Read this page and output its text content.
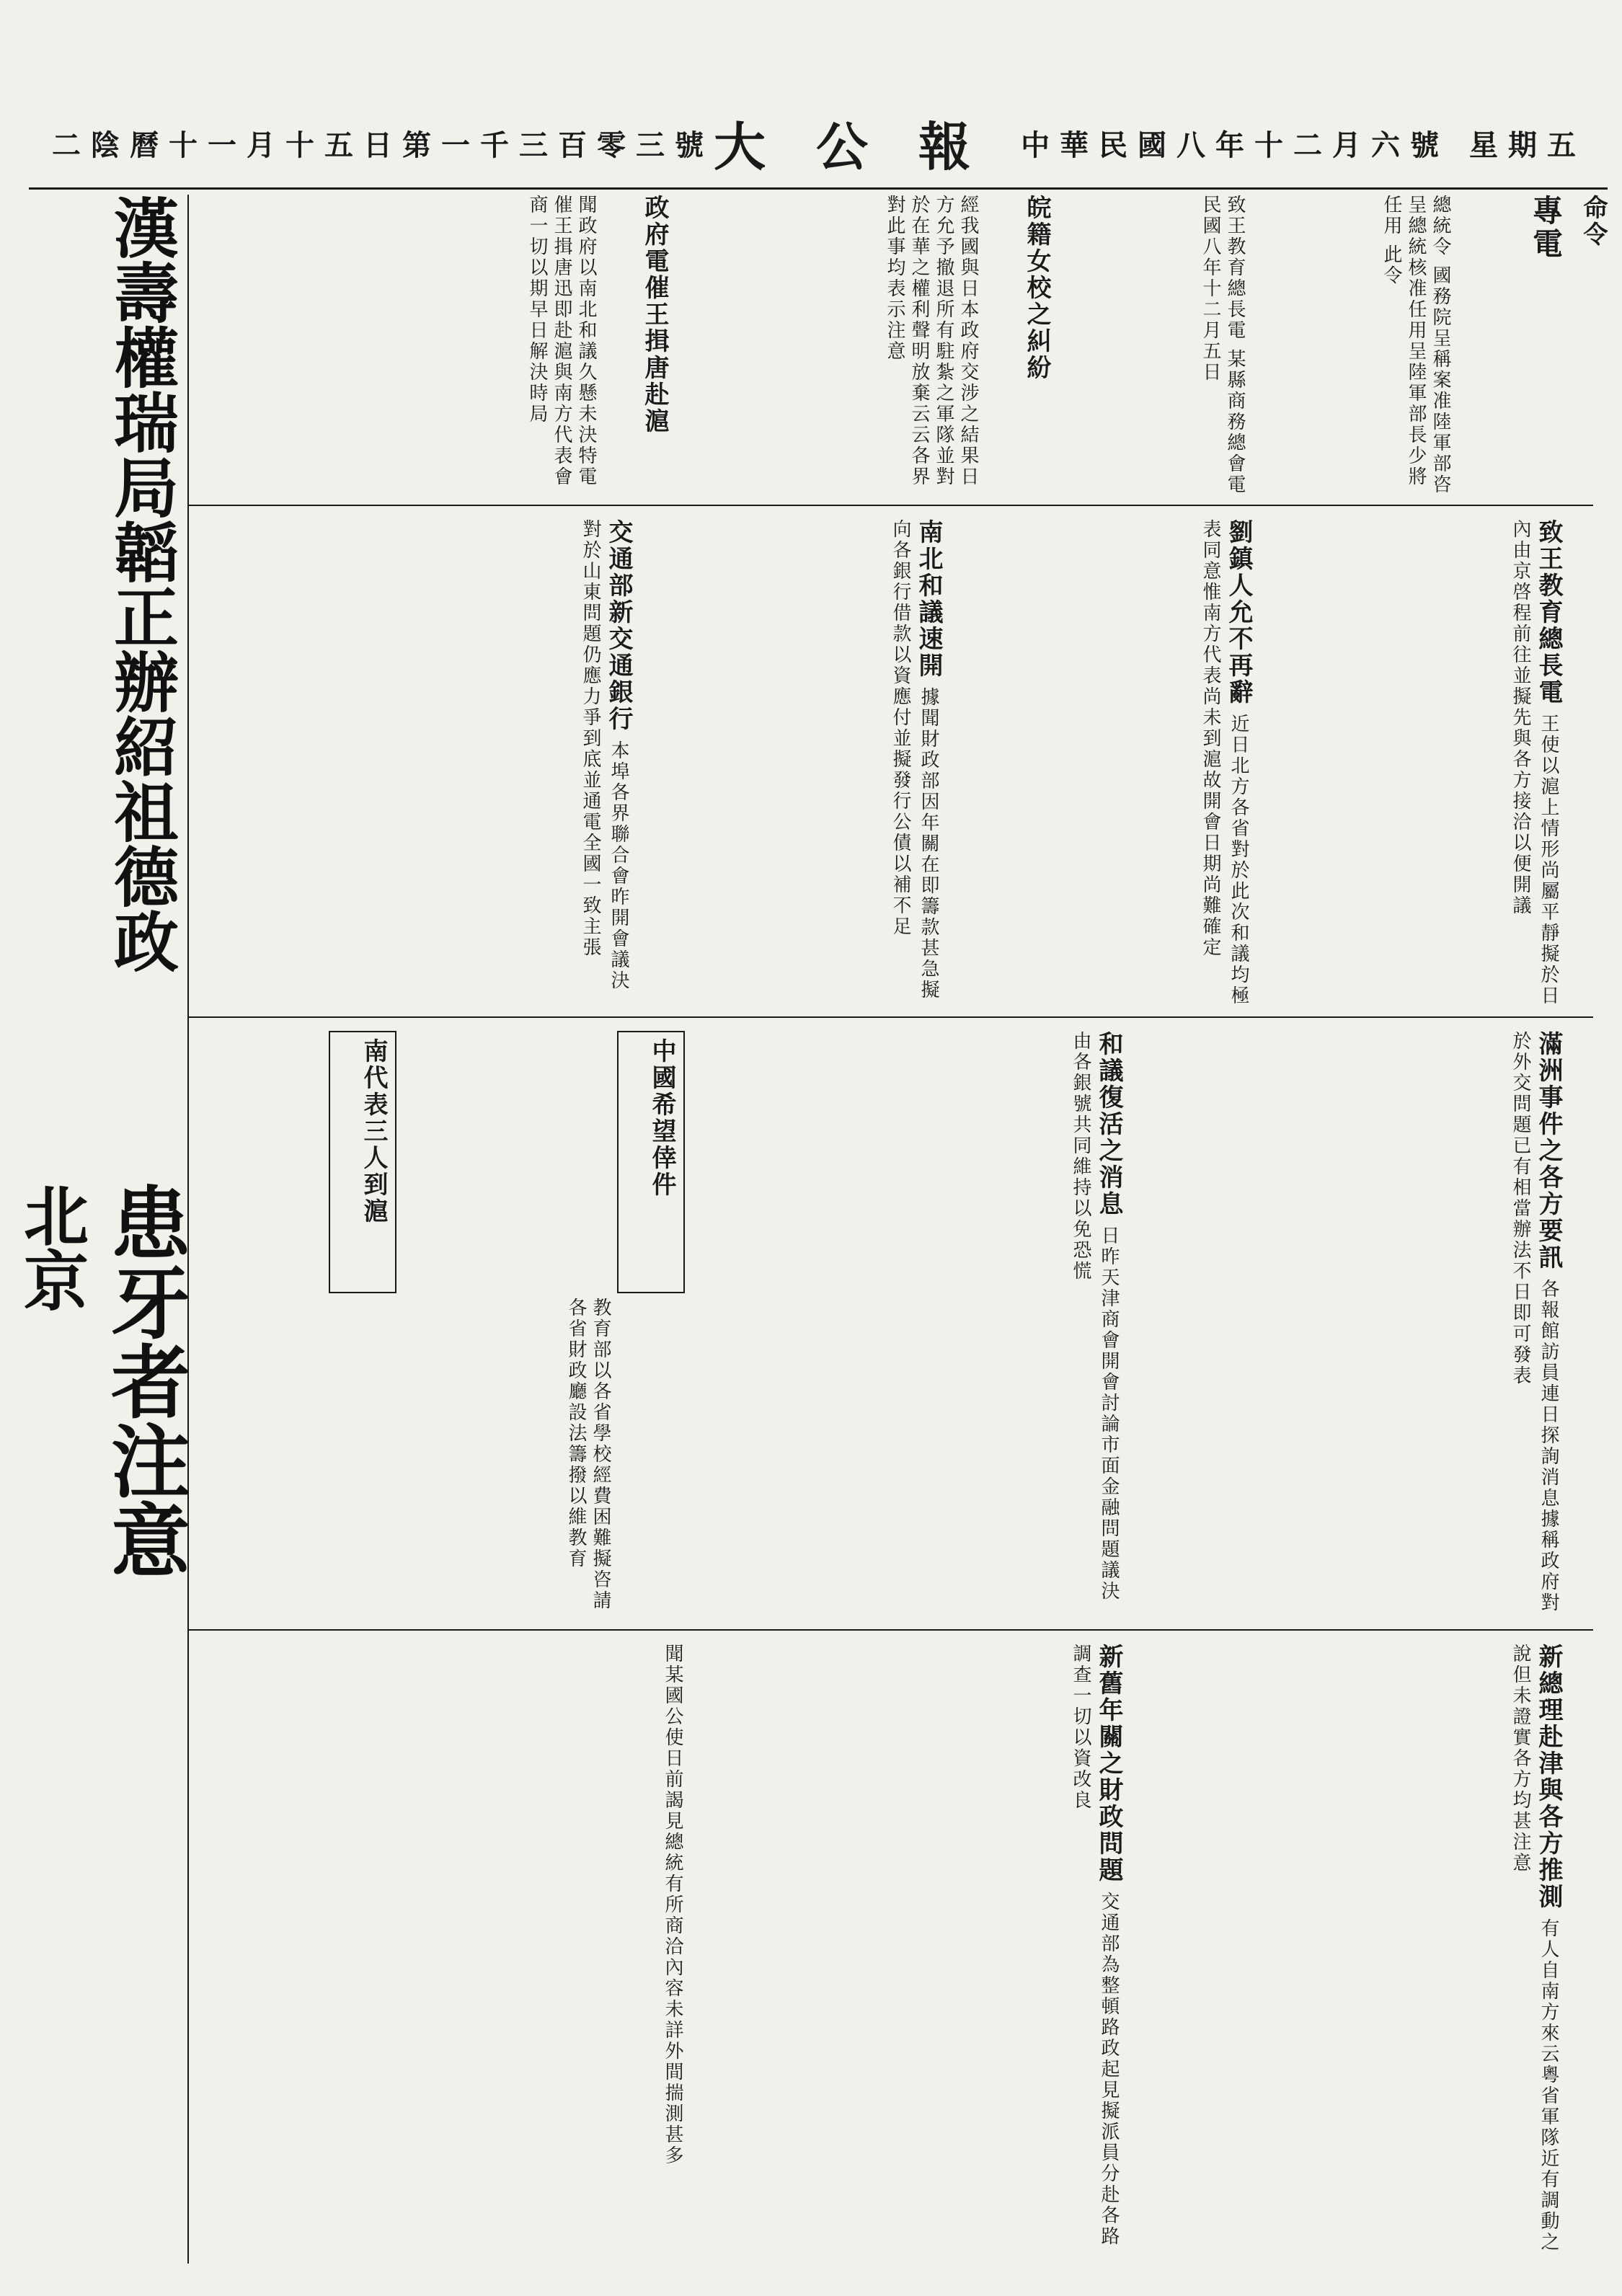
中華民國八年十二月六號 星期五
大公報
第一千三百零三號
陰曆十一月十五日
二
命令
專電
總統令 國務院呈稱案准陸軍部咨呈總統核准任用呈陸軍部長少將任用 此令
致王教育總長電 某縣商務總會電 民國八年十二月五日
皖籍女校之糾紛
經我國與日本政府交涉之結果日方允予撤退所有駐紮之軍隊並對於在華之權利聲明放棄云云各界對此事均表示注意
政府電催王揖唐赴滬
聞政府以南北和議久懸未決特電催王揖唐迅即赴滬與南方代表會商一切以期早日解決時局
漢壽權瑞局韜正辦紹祖德政
患牙者注意
北京
致王教育總長電 王使以滬上情形尚屬平靜擬於日內由京啓程前往並擬先與各方接洽以便開議
劉鎮人允不再辭 近日北方各省對於此次和議均極表同意惟南方代表尚未到滬故開會日期尚難確定
南北和議速開 據聞財政部因年關在即籌款甚急擬向各銀行借款以資應付並擬發行公債以補不足
交通部新交通銀行 本埠各界聯合會昨開會議決對於山東問題仍應力爭到底並通電全國一致主張
中國希望倖件
南代表三人到滬	滿洲事件之各方要訊 各報館訪員連日探詢消息據稱政府對於外交問題已有相當辦法不日即可發表
和議復活之消息 日昨天津商會開會討論市面金融問題議決由各銀號共同維持以免恐慌
教育部以各省學校經費困難擬咨請各省財政廳設法籌撥以維教育
新總理赴津與各方推測 有人自南方來云粵省軍隊近有調動之說但未證實各方均甚注意
新舊年關之財政問題 交通部為整頓路政起見擬派員分赴各路調查一切以資改良
聞某國公使日前謁見總統有所商洽內容未詳外間揣測甚多
